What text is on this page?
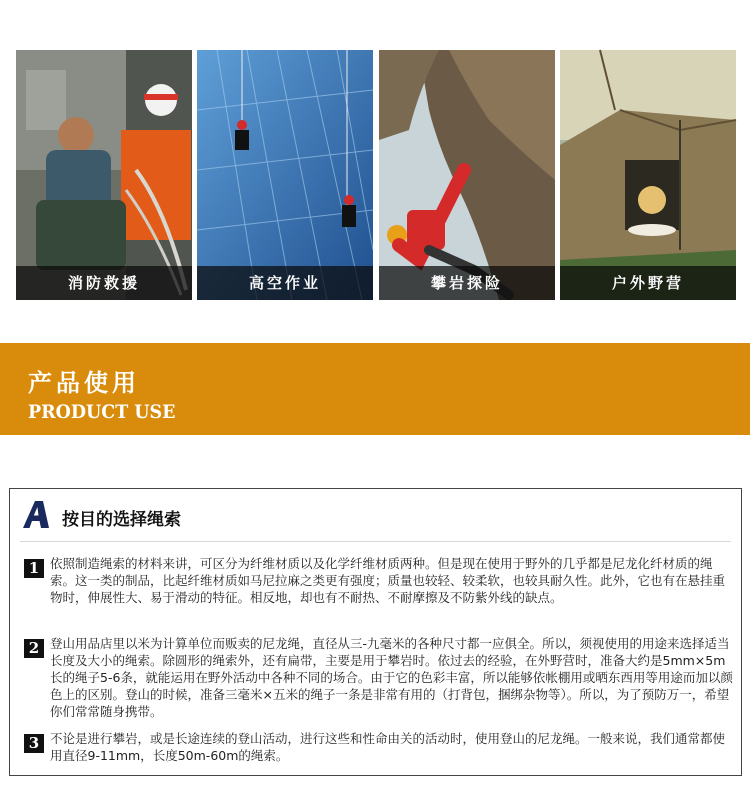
消防救援	高空作业	攀岩探险	户外野营
产品使用
PRODUCT USE
A
按目的选择绳索
1 依照制造绳索的材料来讲，可区分为纤维材质以及化学纤维材质两种。但是现在使用于野外的几乎都是尼龙化纤材质的绳索。这一类的制品，比起纤维材质如马尼拉麻之类更有强度；质量也较轻、较柔软，也较具耐久性。此外，它也有在悬挂重物时，伸展性大、易于滑动的特征。相反地，却也有不耐热、不耐摩擦及不防紫外线的缺点。
2 登山用品店里以米为计算单位而贩卖的尼龙绳，直径从三-九毫米的各种尺寸都一应俱全。所以，须视使用的用途来选择适当长度及大小的绳索。除圆形的绳索外，还有扁带，主要是用于攀岩时。依过去的经验，在外野营时，准备大约是5mm×5m长的绳子5-6条，就能运用在野外活动中各种不同的场合。由于它的色彩丰富，所以能够依帐棚用或晒东西用等用途而加以颜色上的区别。登山的时候，准备三毫米×五米的绳子一条是非常有用的（打背包，捆绑杂物等）。所以，为了预防万一，希望你们常常随身携带。
3 不论是进行攀岩，或是长途连续的登山活动，进行这些和性命由关的活动时，使用登山的尼龙绳。一般来说，我们通常都使用直径9-11mm，长度50m-60m的绳索。
